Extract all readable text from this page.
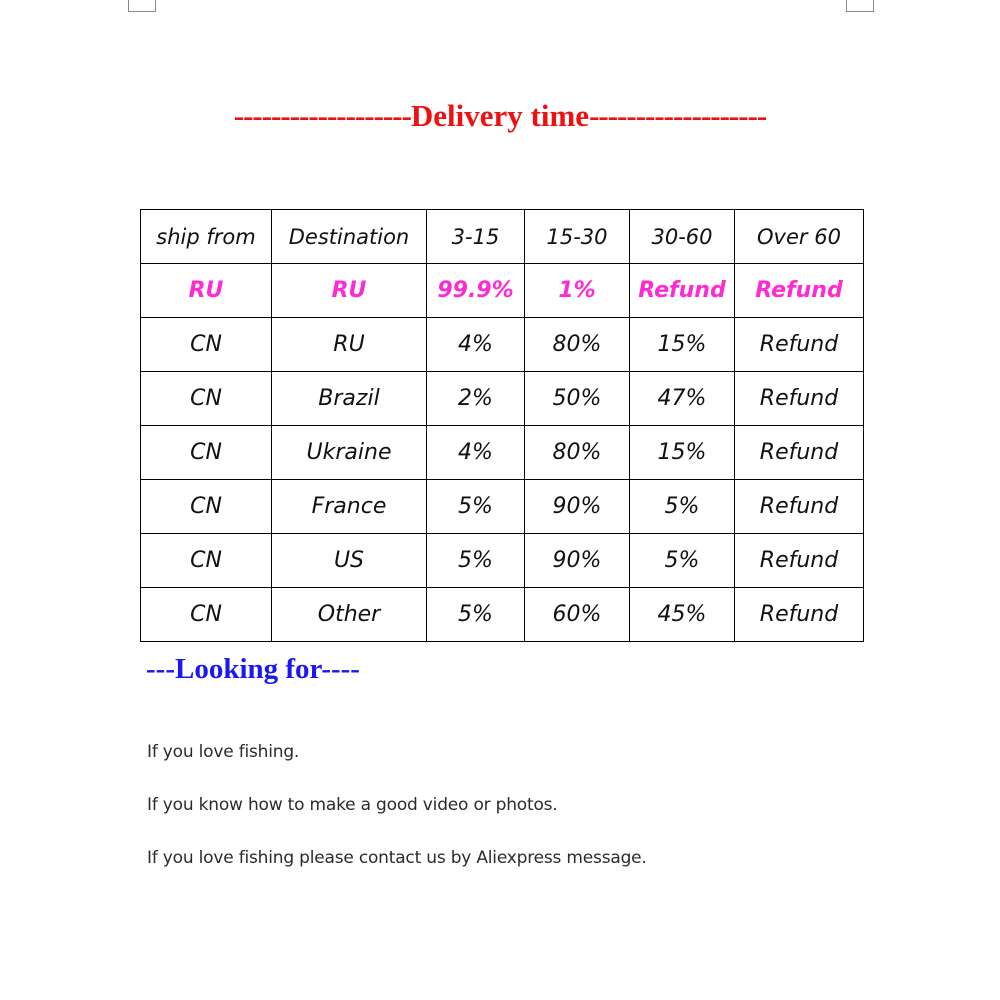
-------------------Delivery time-------------------
ship from	Destination	3-15	15-30	30-60	Over 60
RU	RU	99.9%	1%	Refund	Refund
CN	RU	4%	80%	15%	Refund
CN	Brazil	2%	50%	47%	Refund
CN	Ukraine	4%	80%	15%	Refund
CN	France	5%	90%	5%	Refund
CN	US	5%	90%	5%	Refund
CN	Other	5%	60%	45%	Refund
---Looking for----
If you love fishing.
If you know how to make a good video or photos.
If you love fishing please contact us by Aliexpress message.
